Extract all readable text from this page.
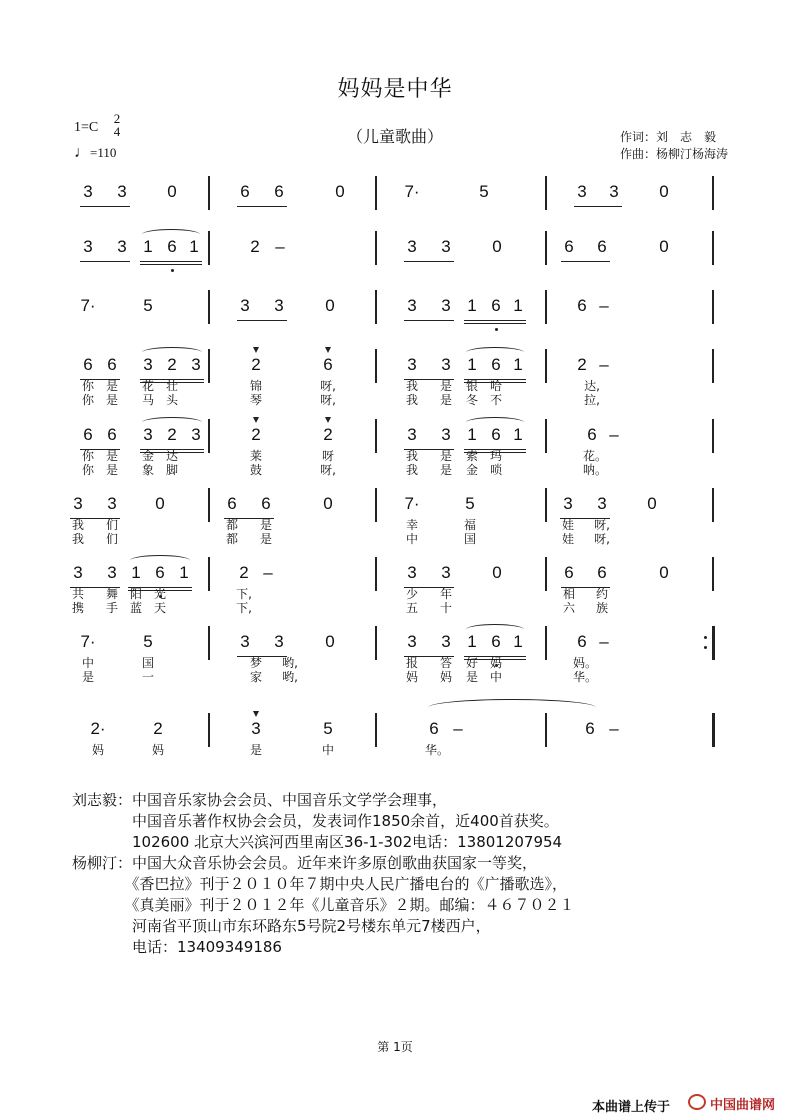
妈妈是中华
（儿童歌曲）
1=C
2
4
♩=110
作词：刘　志　毅
作曲：杨柳汀杨海涛
3	3	0	6	6	0	7·	5	3	3	0
3	3 1 6 1	2 –	3	3	0	6	6	0
7·	5	3	3	0	3	3 1 6 1	6 –
6 6	3 2 3	2	6	3	3 1 6 1	2 –
你 是 花 壮	锦	呀,	我 是 银 哈	达,
你 是 马 头	琴	呀,	我 是 冬 不	拉,
6 6	3 2 3	2	2	3	3 1 6 1	6 –
你 是 金 达	莱	呀	我 是 索 玛	花。
你 是 象 脚	鼓	呀,	我 是 金 唢	呐。
3	3	0	6	6	0	7·	5	3	3	0
我 们	都 是	幸	福	娃 呀,
我 们	都 是	中	国	娃 呀,
3	3 1 6 1	2 –	3	3	0	6	6	0
共 舞 阳 光	下,	少 年	相 约
携 手 蓝 天	下,	五 十	六 族
7·	5	3	3	0	3	3 1 6 1	6 –
中	国	梦 哟,	报 答 好 妈	妈。
是	一	家 哟,	妈 妈 是 中	华。
2·	2	3	5	6 –	6 –
妈	妈	是	中	华。
刘志毅：中国音乐家协会会员、中国音乐文学学会理事，
　　　　中国音乐著作权协会会员，发表词作1850余首，近400首获奖。
　　　　102600 北京大兴滨河西里南区36-1-302电话：13801207954
杨柳汀：中国大众音乐协会会员。近年来许多原创歌曲获国家一等奖，
　　　　《香巴拉》刊于２０１０年７期中央人民广播电台的《广播歌选》，
　　　　《真美丽》刊于２０１２年《儿童音乐》２期。邮编：４６７０２１
　　　　河南省平顶山市东环路东5号院2号楼东单元7楼西户，
　　　　电话：13409349186
第 1页
本曲谱上传于	中国曲谱网
